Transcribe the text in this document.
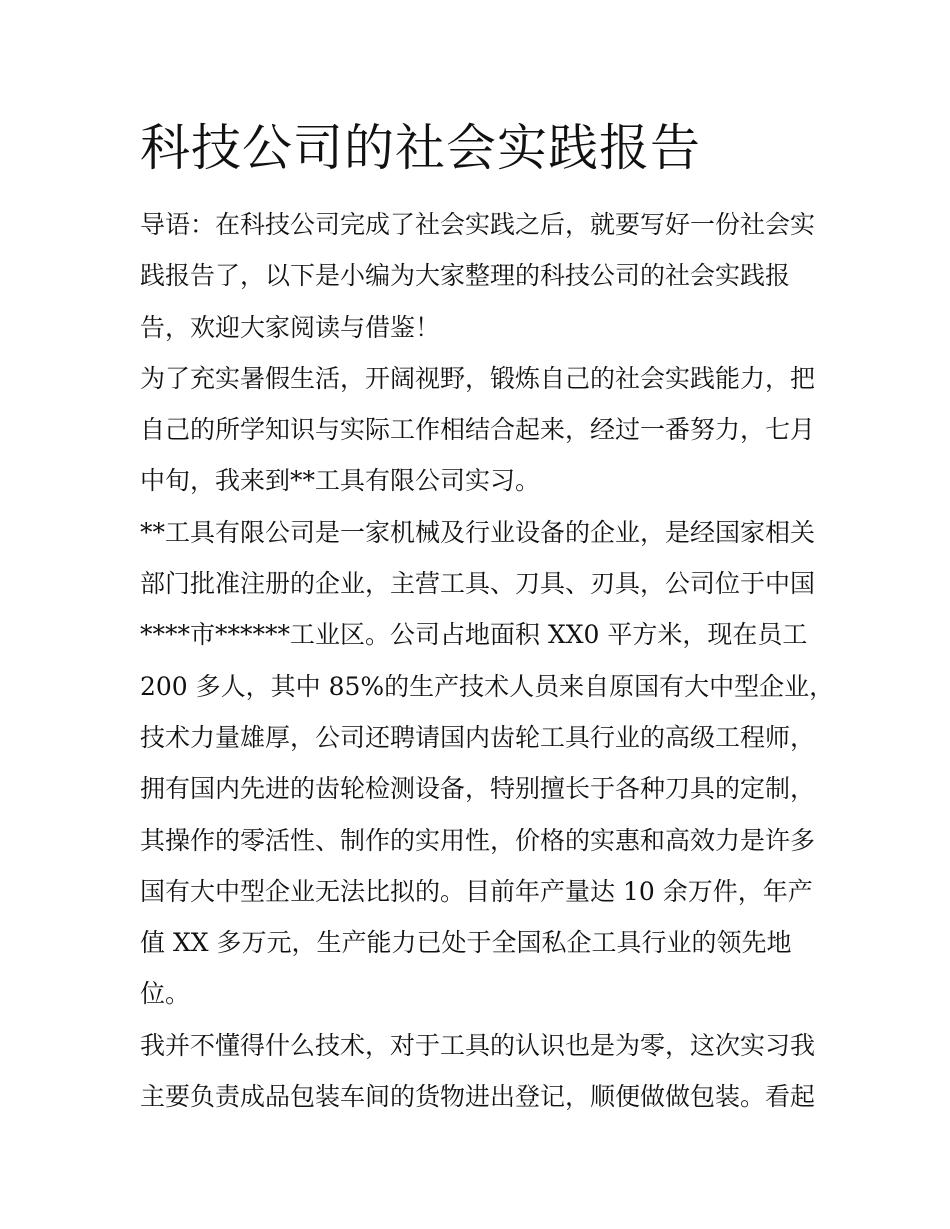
科技公司的社会实践报告
导语：在科技公司完成了社会实践之后，就要写好一份社会实
践报告了，以下是小编为大家整理的科技公司的社会实践报
告，欢迎大家阅读与借鉴！
为了充实暑假生活，开阔视野，锻炼自己的社会实践能力，把
自己的所学知识与实际工作相结合起来，经过一番努力，七月
中旬，我来到**工具有限公司实习。
**工具有限公司是一家机械及行业设备的企业，是经国家相关
部门批准注册的企业，主营工具、刀具、刃具，公司位于中国
****市******工业区。公司占地面积 XX0 平方米，现在员工
200 多人，其中 85%的生产技术人员来自原国有大中型企业，
技术力量雄厚，公司还聘请国内齿轮工具行业的高级工程师，
拥有国内先进的齿轮检测设备，特别擅长于各种刀具的定制，
其操作的零活性、制作的实用性，价格的实惠和高效力是许多
国有大中型企业无法比拟的。目前年产量达 10 余万件，年产
值 XX 多万元，生产能力已处于全国私企工具行业的领先地
位。
我并不懂得什么技术，对于工具的认识也是为零，这次实习我
主要负责成品包装车间的货物进出登记，顺便做做包装。看起
